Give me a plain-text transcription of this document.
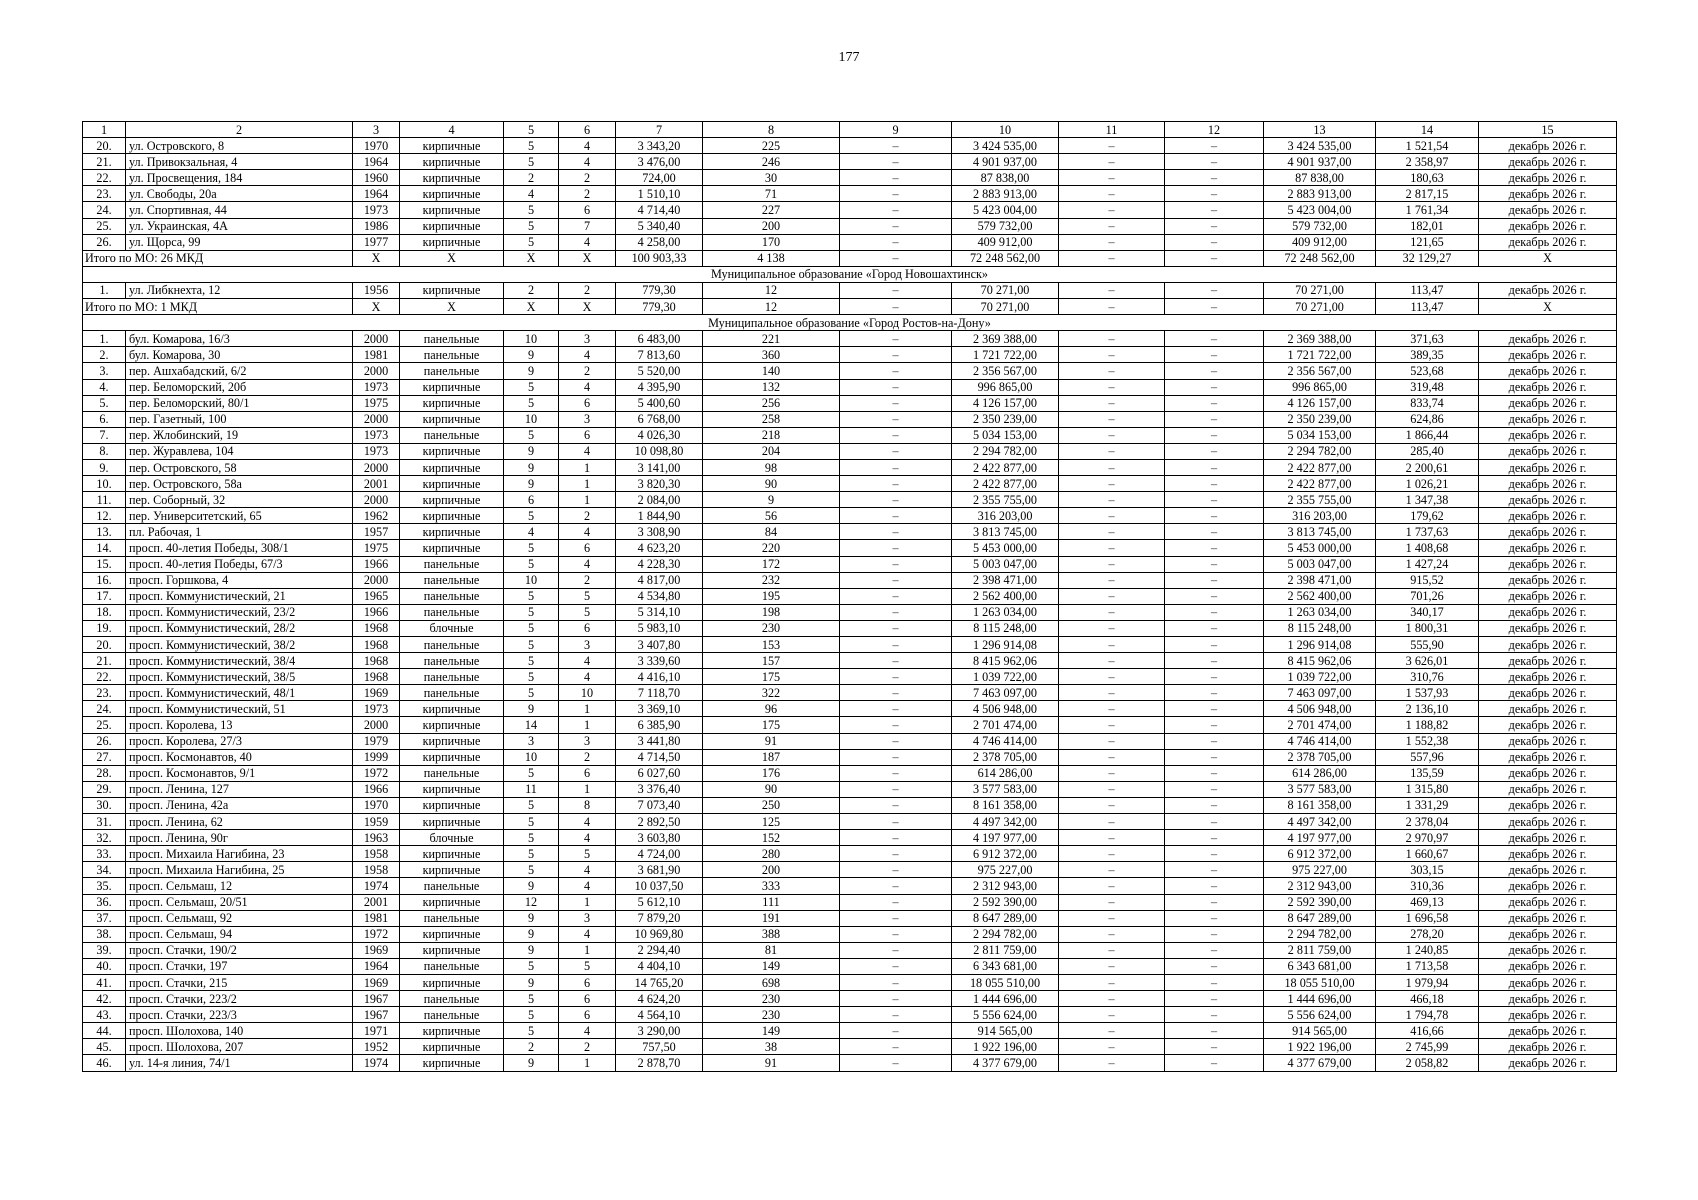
177
1	2	3	4	5	6	7	8	9	10	11	12	13	14	15
20.	ул. Островского, 8	1970	кирпичные	5	4	3 343,20	225	–	3 424 535,00	–	–	3 424 535,00	1 521,54	декабрь 2026 г.
21.	ул. Привокзальная, 4	1964	кирпичные	5	4	3 476,00	246	–	4 901 937,00	–	–	4 901 937,00	2 358,97	декабрь 2026 г.
22.	ул. Просвещения, 184	1960	кирпичные	2	2	724,00	30	–	87 838,00	–	–	87 838,00	180,63	декабрь 2026 г.
23.	ул. Свободы, 20а	1964	кирпичные	4	2	1 510,10	71	–	2 883 913,00	–	–	2 883 913,00	2 817,15	декабрь 2026 г.
24.	ул. Спортивная, 44	1973	кирпичные	5	6	4 714,40	227	–	5 423 004,00	–	–	5 423 004,00	1 761,34	декабрь 2026 г.
25.	ул. Украинская, 4А	1986	кирпичные	5	7	5 340,40	200	–	579 732,00	–	–	579 732,00	182,01	декабрь 2026 г.
26.	ул. Щорса, 99	1977	кирпичные	5	4	4 258,00	170	–	409 912,00	–	–	409 912,00	121,65	декабрь 2026 г.
Итого по МО: 26 МКД		X	X	X	X	100 903,33	4 138	–	72 248 562,00	–	–	72 248 562,00	32 129,27	X
Муниципальное образование «Город Новошахтинск»														
1.	ул. Либкнехта, 12	1956	кирпичные	2	2	779,30	12	–	70 271,00	–	–	70 271,00	113,47	декабрь 2026 г.
Итого по МО: 1 МКД		X	X	X	X	779,30	12	–	70 271,00	–	–	70 271,00	113,47	X
Муниципальное образование «Город Ростов-на-Дону»														
1.	бул. Комарова, 16/3	2000	панельные	10	3	6 483,00	221	–	2 369 388,00	–	–	2 369 388,00	371,63	декабрь 2026 г.
2.	бул. Комарова, 30	1981	панельные	9	4	7 813,60	360	–	1 721 722,00	–	–	1 721 722,00	389,35	декабрь 2026 г.
3.	пер. Ашхабадский, 6/2	2000	панельные	9	2	5 520,00	140	–	2 356 567,00	–	–	2 356 567,00	523,68	декабрь 2026 г.
4.	пер. Беломорский, 20б	1973	кирпичные	5	4	4 395,90	132	–	996 865,00	–	–	996 865,00	319,48	декабрь 2026 г.
5.	пер. Беломорский, 80/1	1975	кирпичные	5	6	5 400,60	256	–	4 126 157,00	–	–	4 126 157,00	833,74	декабрь 2026 г.
6.	пер. Газетный, 100	2000	кирпичные	10	3	6 768,00	258	–	2 350 239,00	–	–	2 350 239,00	624,86	декабрь 2026 г.
7.	пер. Жлобинский, 19	1973	панельные	5	6	4 026,30	218	–	5 034 153,00	–	–	5 034 153,00	1 866,44	декабрь 2026 г.
8.	пер. Журавлева, 104	1973	кирпичные	9	4	10 098,80	204	–	2 294 782,00	–	–	2 294 782,00	285,40	декабрь 2026 г.
9.	пер. Островского, 58	2000	кирпичные	9	1	3 141,00	98	–	2 422 877,00	–	–	2 422 877,00	2 200,61	декабрь 2026 г.
10.	пер. Островского, 58а	2001	кирпичные	9	1	3 820,30	90	–	2 422 877,00	–	–	2 422 877,00	1 026,21	декабрь 2026 г.
11.	пер. Соборный, 32	2000	кирпичные	6	1	2 084,00	9	–	2 355 755,00	–	–	2 355 755,00	1 347,38	декабрь 2026 г.
12.	пер. Университетский, 65	1962	кирпичные	5	2	1 844,90	56	–	316 203,00	–	–	316 203,00	179,62	декабрь 2026 г.
13.	пл. Рабочая, 1	1957	кирпичные	4	4	3 308,90	84	–	3 813 745,00	–	–	3 813 745,00	1 737,63	декабрь 2026 г.
14.	просп. 40-летия Победы, 308/1	1975	кирпичные	5	6	4 623,20	220	–	5 453 000,00	–	–	5 453 000,00	1 408,68	декабрь 2026 г.
15.	просп. 40-летия Победы, 67/3	1966	панельные	5	4	4 228,30	172	–	5 003 047,00	–	–	5 003 047,00	1 427,24	декабрь 2026 г.
16.	просп. Горшкова, 4	2000	панельные	10	2	4 817,00	232	–	2 398 471,00	–	–	2 398 471,00	915,52	декабрь 2026 г.
17.	просп. Коммунистический, 21	1965	панельные	5	5	4 534,80	195	–	2 562 400,00	–	–	2 562 400,00	701,26	декабрь 2026 г.
18.	просп. Коммунистический, 23/2	1966	панельные	5	5	5 314,10	198	–	1 263 034,00	–	–	1 263 034,00	340,17	декабрь 2026 г.
19.	просп. Коммунистический, 28/2	1968	блочные	5	6	5 983,10	230	–	8 115 248,00	–	–	8 115 248,00	1 800,31	декабрь 2026 г.
20.	просп. Коммунистический, 38/2	1968	панельные	5	3	3 407,80	153	–	1 296 914,08	–	–	1 296 914,08	555,90	декабрь 2026 г.
21.	просп. Коммунистический, 38/4	1968	панельные	5	4	3 339,60	157	–	8 415 962,06	–	–	8 415 962,06	3 626,01	декабрь 2026 г.
22.	просп. Коммунистический, 38/5	1968	панельные	5	4	4 416,10	175	–	1 039 722,00	–	–	1 039 722,00	310,76	декабрь 2026 г.
23.	просп. Коммунистический, 48/1	1969	панельные	5	10	7 118,70	322	–	7 463 097,00	–	–	7 463 097,00	1 537,93	декабрь 2026 г.
24.	просп. Коммунистический, 51	1973	кирпичные	9	1	3 369,10	96	–	4 506 948,00	–	–	4 506 948,00	2 136,10	декабрь 2026 г.
25.	просп. Королева, 13	2000	кирпичные	14	1	6 385,90	175	–	2 701 474,00	–	–	2 701 474,00	1 188,82	декабрь 2026 г.
26.	просп. Королева, 27/3	1979	кирпичные	3	3	3 441,80	91	–	4 746 414,00	–	–	4 746 414,00	1 552,38	декабрь 2026 г.
27.	просп. Космонавтов, 40	1999	кирпичные	10	2	4 714,50	187	–	2 378 705,00	–	–	2 378 705,00	557,96	декабрь 2026 г.
28.	просп. Космонавтов, 9/1	1972	панельные	5	6	6 027,60	176	–	614 286,00	–	–	614 286,00	135,59	декабрь 2026 г.
29.	просп. Ленина, 127	1966	кирпичные	11	1	3 376,40	90	–	3 577 583,00	–	–	3 577 583,00	1 315,80	декабрь 2026 г.
30.	просп. Ленина, 42а	1970	кирпичные	5	8	7 073,40	250	–	8 161 358,00	–	–	8 161 358,00	1 331,29	декабрь 2026 г.
31.	просп. Ленина, 62	1959	кирпичные	5	4	2 892,50	125	–	4 497 342,00	–	–	4 497 342,00	2 378,04	декабрь 2026 г.
32.	просп. Ленина, 90г	1963	блочные	5	4	3 603,80	152	–	4 197 977,00	–	–	4 197 977,00	2 970,97	декабрь 2026 г.
33.	просп. Михаила Нагибина, 23	1958	кирпичные	5	5	4 724,00	280	–	6 912 372,00	–	–	6 912 372,00	1 660,67	декабрь 2026 г.
34.	просп. Михаила Нагибина, 25	1958	кирпичные	5	4	3 681,90	200	–	975 227,00	–	–	975 227,00	303,15	декабрь 2026 г.
35.	просп. Сельмаш, 12	1974	панельные	9	4	10 037,50	333	–	2 312 943,00	–	–	2 312 943,00	310,36	декабрь 2026 г.
36.	просп. Сельмаш, 20/51	2001	кирпичные	12	1	5 612,10	111	–	2 592 390,00	–	–	2 592 390,00	469,13	декабрь 2026 г.
37.	просп. Сельмаш, 92	1981	панельные	9	3	7 879,20	191	–	8 647 289,00	–	–	8 647 289,00	1 696,58	декабрь 2026 г.
38.	просп. Сельмаш, 94	1972	кирпичные	9	4	10 969,80	388	–	2 294 782,00	–	–	2 294 782,00	278,20	декабрь 2026 г.
39.	просп. Стачки, 190/2	1969	кирпичные	9	1	2 294,40	81	–	2 811 759,00	–	–	2 811 759,00	1 240,85	декабрь 2026 г.
40.	просп. Стачки, 197	1964	панельные	5	5	4 404,10	149	–	6 343 681,00	–	–	6 343 681,00	1 713,58	декабрь 2026 г.
41.	просп. Стачки, 215	1969	кирпичные	9	6	14 765,20	698	–	18 055 510,00	–	–	18 055 510,00	1 979,94	декабрь 2026 г.
42.	просп. Стачки, 223/2	1967	панельные	5	6	4 624,20	230	–	1 444 696,00	–	–	1 444 696,00	466,18	декабрь 2026 г.
43.	просп. Стачки, 223/3	1967	панельные	5	6	4 564,10	230	–	5 556 624,00	–	–	5 556 624,00	1 794,78	декабрь 2026 г.
44.	просп. Шолохова, 140	1971	кирпичные	5	4	3 290,00	149	–	914 565,00	–	–	914 565,00	416,66	декабрь 2026 г.
45.	просп. Шолохова, 207	1952	кирпичные	2	2	757,50	38	–	1 922 196,00	–	–	1 922 196,00	2 745,99	декабрь 2026 г.
46.	ул. 14-я линия, 74/1	1974	кирпичные	9	1	2 878,70	91	–	4 377 679,00	–	–	4 377 679,00	2 058,82	декабрь 2026 г.
